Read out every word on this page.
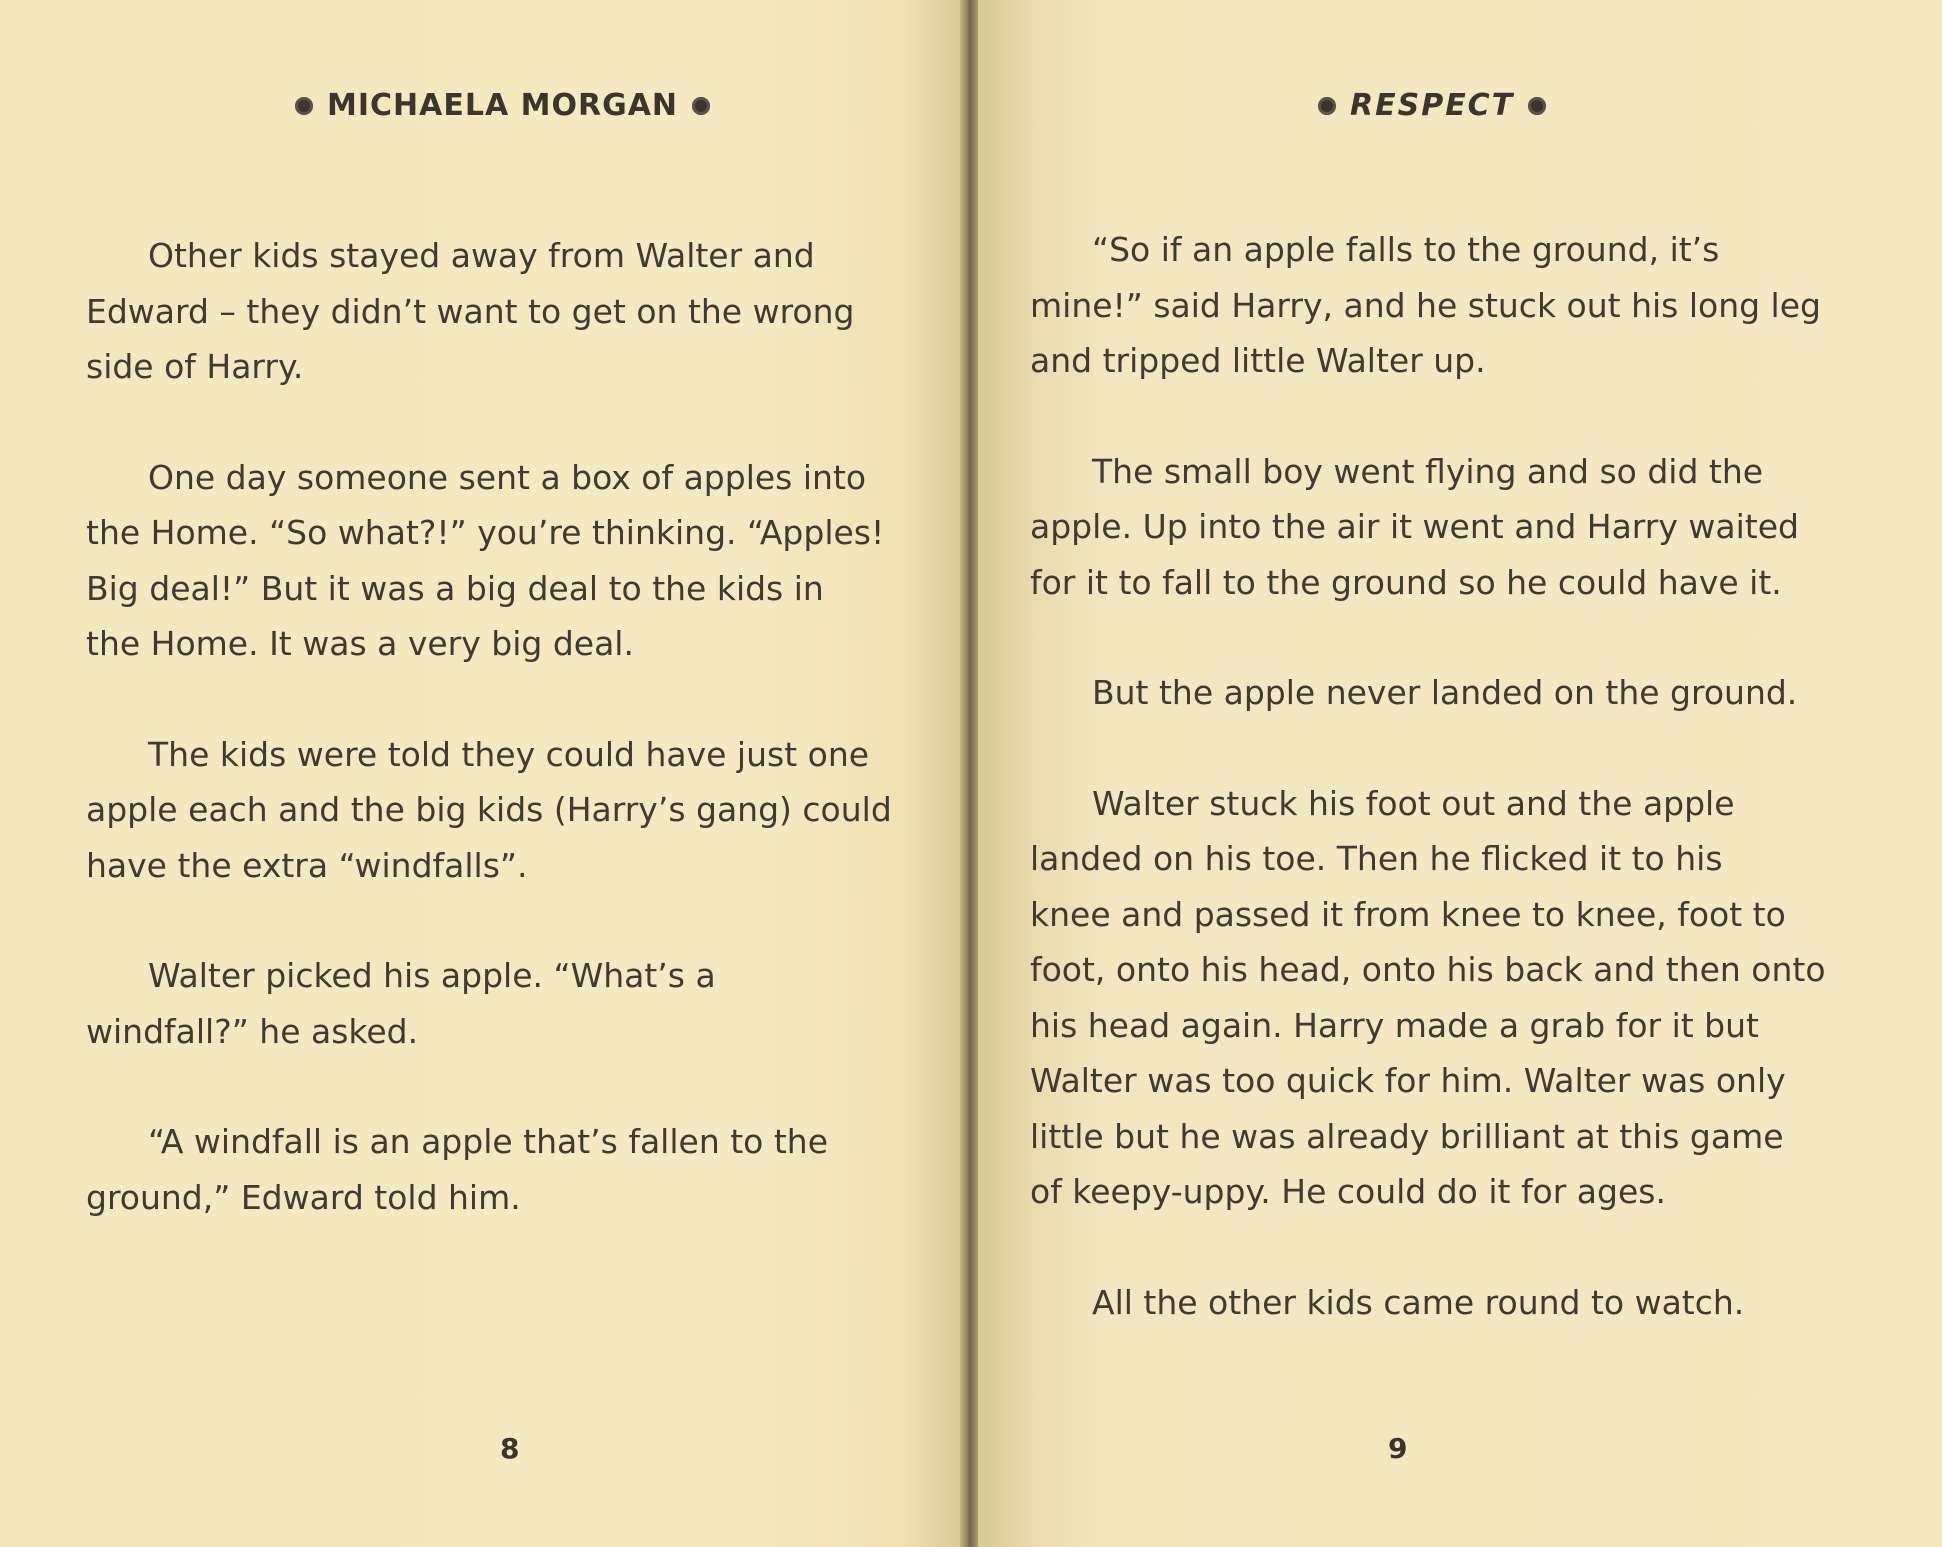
MICHAELA MORGAN

Other kids stayed away from Walter and
Edward – they didn’t want to get on the wrong
side of Harry.

One day someone sent a box of apples into
the Home. “So what?!” you’re thinking. “Apples!
Big deal!” But it was a big deal to the kids in
the Home. It was a very big deal.

The kids were told they could have just one
apple each and the big kids (Harry’s gang) could
have the extra “windfalls”.

Walter picked his apple. “What’s a
windfall?” he asked.

“A windfall is an apple that’s fallen to the
ground,” Edward told him.

8
RESPECT

“So if an apple falls to the ground, it’s
mine!” said Harry, and he stuck out his long leg
and tripped little Walter up.

The small boy went flying and so did the
apple. Up into the air it went and Harry waited
for it to fall to the ground so he could have it.

But the apple never landed on the ground.

Walter stuck his foot out and the apple
landed on his toe. Then he flicked it to his
knee and passed it from knee to knee, foot to
foot, onto his head, onto his back and then onto
his head again. Harry made a grab for it but
Walter was too quick for him. Walter was only
little but he was already brilliant at this game
of keepy-uppy. He could do it for ages.

All the other kids came round to watch.

9
